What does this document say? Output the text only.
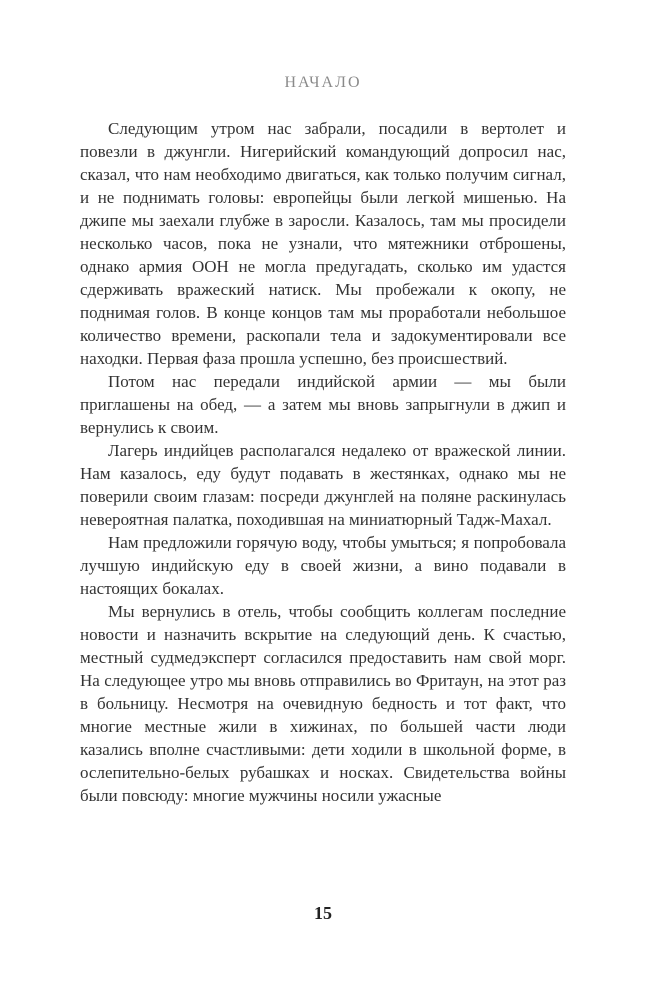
НАЧАЛО

Следующим утром нас забрали, посадили в вертолет и повезли в джунгли. Нигерийский командующий допросил нас, сказал, что нам необходимо двигаться, как только получим сигнал, и не поднимать головы: европейцы были легкой мишенью. На джипе мы заехали глубже в заросли. Казалось, там мы просидели несколько часов, пока не узнали, что мятежники отброшены, однако армия ООН не могла предугадать, сколько им удастся сдерживать вражеский натиск. Мы пробежали к окопу, не поднимая голов. В конце концов там мы проработали небольшое количество времени, раскопали тела и задокументировали все находки. Первая фаза прошла успешно, без происшествий.

Потом нас передали индийской армии — мы были приглашены на обед, — а затем мы вновь запрыгнули в джип и вернулись к своим.

Лагерь индийцев располагался недалеко от вражеской линии. Нам казалось, еду будут подавать в жестянках, однако мы не поверили своим глазам: посреди джунглей на поляне раскинулась невероятная палатка, походившая на миниатюрный Тадж-Махал.

Нам предложили горячую воду, чтобы умыться; я попробовала лучшую индийскую еду в своей жизни, а вино подавали в настоящих бокалах.

Мы вернулись в отель, чтобы сообщить коллегам последние новости и назначить вскрытие на следующий день. К счастью, местный судмедэксперт согласился предоставить нам свой морг. На следующее утро мы вновь отправились во Фритаун, на этот раз в больницу. Несмотря на очевидную бедность и тот факт, что многие местные жили в хижинах, по большей части люди казались вполне счастливыми: дети ходили в школьной форме, в ослепительно-белых рубашках и носках. Свидетельства войны были повсюду: многие мужчины носили ужасные

15
